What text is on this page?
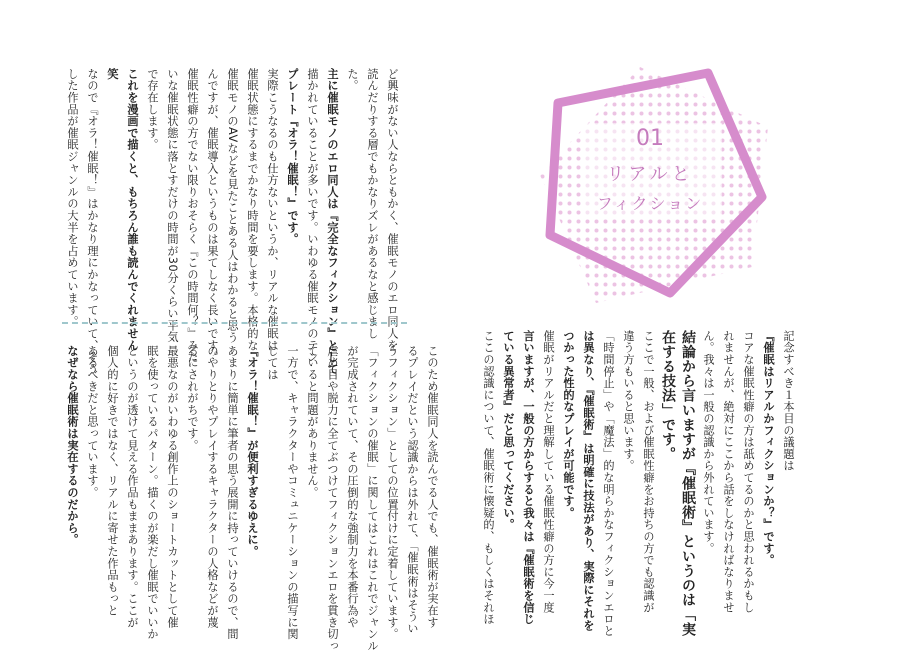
ど興味がない人ならともかく、催眠モノのエロ同人を

読んだりする層でもかなりズレがあるなと感じまし

た。

主に催眠モノのエロ同人は『完全なフィクション』として

描かれていることが多いです。いわゆる催眠モノのテン

プレート『オラ！催眠！』です。

実際こうなるのも仕方ないというか、リアルな催眠は

催眠状態にするまでかなり時間を要します。本格的な

催眠モノのAVなどを見たことある人はわかると思う

んですが、催眠導入というものは果てしなく長いです。

催眠性癖の方でない限りおそらく『この時間何？』みた

いな催眠状態に落とすだけの時間が30分くらい平気

で存在します。

これを漫画で描くと、もちろん誰も読んでくれません

笑

なので『オラ！催眠！』はかなり理にかなっていて、そう

した作品が催眠ジャンルの大半を占めています。

このため催眠同人を読んでる人でも、催眠術が実在す

るプレイだという認識からは外れて、「催眠術はそうい

うフィクション」としての位置付けに定着しています。

「フィクションの催眠」に関してはこれはこれでジャンル

が完成されていて、その圧倒的な強制力を本番行為や

虐め目や脱力に全てぶつけてフィクションエロを貫き切っ

ていると問題がありません。

一方で、キャラクターやコミュニケーションの描写に関

しては

『オラ！催眠！』が便利すぎるゆえに。

あまりに簡単に筆者の思う展開に持っていけるので、間

のやりとりやプレイするキャラクターの人格などが蔑

ろにされがちです。

最悪なのがいわゆる創作上のショートカットとして催

眠を使っているパターン。描くのが楽だし催眠でいいか

というのが透けて見える作品もままあります。ここが

個人的に好きではなく、リアルに寄せた作品もっと

あるべきだと思っています。

なぜなら催眠術は実在するのだから。

01
リアルと
フィクション

記念すべき１本目の議題は

『催眠はリアルかフィクションか？』です。

コアな催眠性癖の方は舐めてるのかと思われるかもし

れませんが、絶対にここから話をしなければなりませ

ん。我々は一般の認識から外れています。

結論から言いますが『催眠術』というのは「実

在する技法」です。

ここで一般、および催眠性癖をお持ちの方でも認識が

違う方もいると思います。

「時間停止」や「魔法」的な明らかなフィクションエロと

は異なり、『催眠術』は明確に技法があり、実際にそれを

つかった性的なプレイが可能です。

催眠がリアルだと理解している催眠性癖の方に今一度

言いますが、一般の方からすると我々は『催眠術を信じ

ている異常者』だと思ってください。

ここの認識について、催眠術に懐疑的、もしくはそれほ
